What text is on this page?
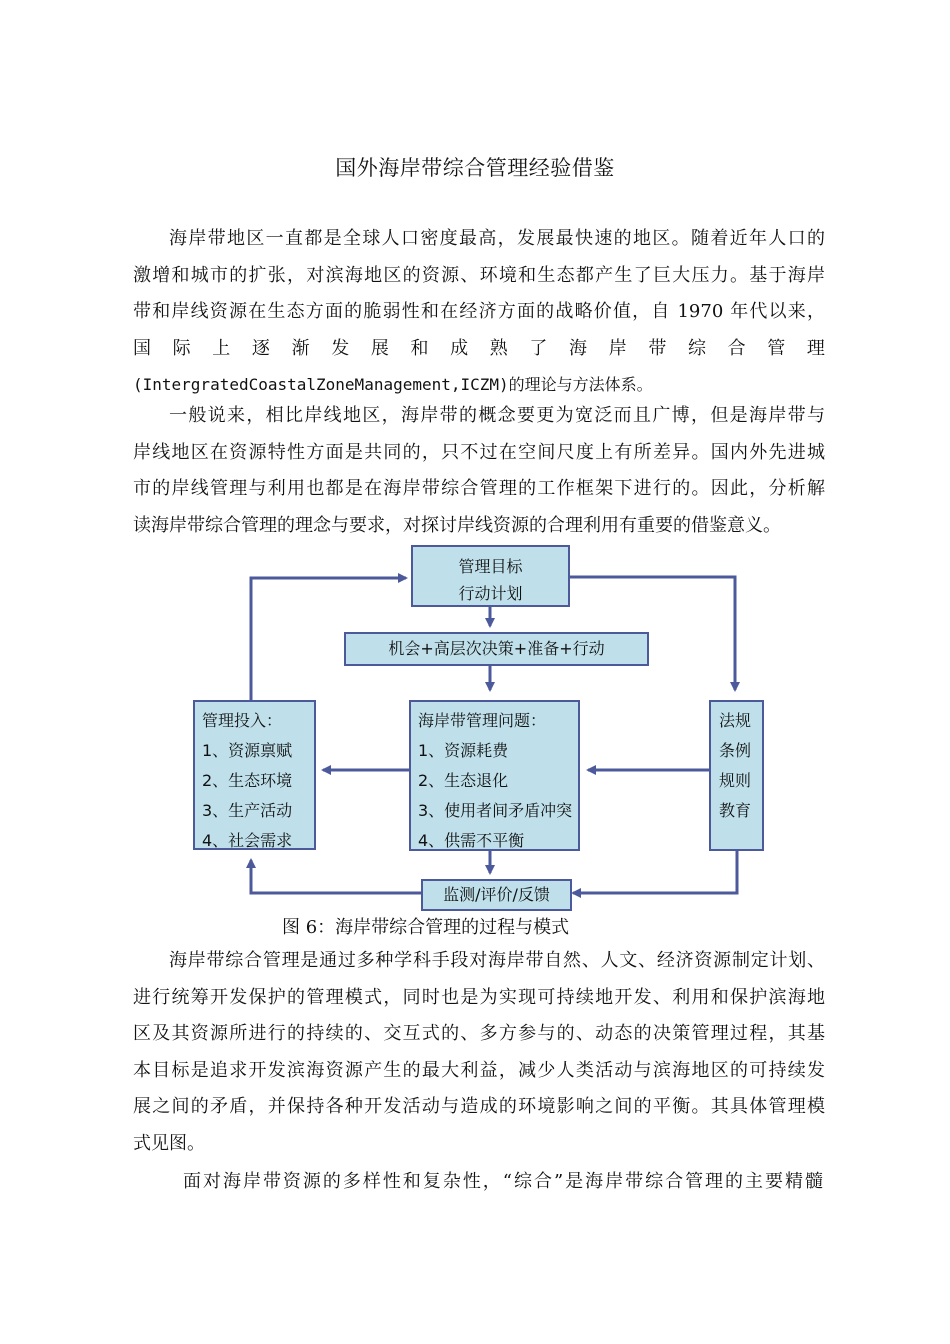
国外海岸带综合管理经验借鉴
海岸带地区一直都是全球人口密度最高，发展最快速的地区。随着近年人口的
激增和城市的扩张，对滨海地区的资源、环境和生态都产生了巨大压力。基于海岸
带和岸线资源在生态方面的脆弱性和在经济方面的战略价值，自 1970 年代以来，
国 际 上 逐 渐 发 展 和 成 熟 了 海 岸 带 综 合 管 理
(IntergratedCoastalZoneManagement,ICZM)的理论与方法体系。
一般说来，相比岸线地区，海岸带的概念要更为宽泛而且广博，但是海岸带与
岸线地区在资源特性方面是共同的，只不过在空间尺度上有所差异。国内外先进城
市的岸线管理与利用也都是在海岸带综合管理的工作框架下进行的。因此，分析解
读海岸带综合管理的理念与要求，对探讨岸线资源的合理利用有重要的借鉴意义。
管理目标
行动计划
机会+高层次决策+准备+行动
管理投入：
1、资源禀赋
2、生态环境
3、生产活动
4、社会需求
海岸带管理问题：
1、资源耗费
2、生态退化
3、使用者间矛盾冲突
4、供需不平衡
法规
条例
规则
教育
监测/评价/反馈
图 6：海岸带综合管理的过程与模式
海岸带综合管理是通过多种学科手段对海岸带自然、人文、经济资源制定计划、
进行统筹开发保护的管理模式，同时也是为实现可持续地开发、利用和保护滨海地
区及其资源所进行的持续的、交互式的、多方参与的、动态的决策管理过程，其基
本目标是追求开发滨海资源产生的最大利益，减少人类活动与滨海地区的可持续发
展之间的矛盾，并保持各种开发活动与造成的环境影响之间的平衡。其具体管理模
式见图。
面对海岸带资源的多样性和复杂性，“综合”是海岸带综合管理的主要精髓
